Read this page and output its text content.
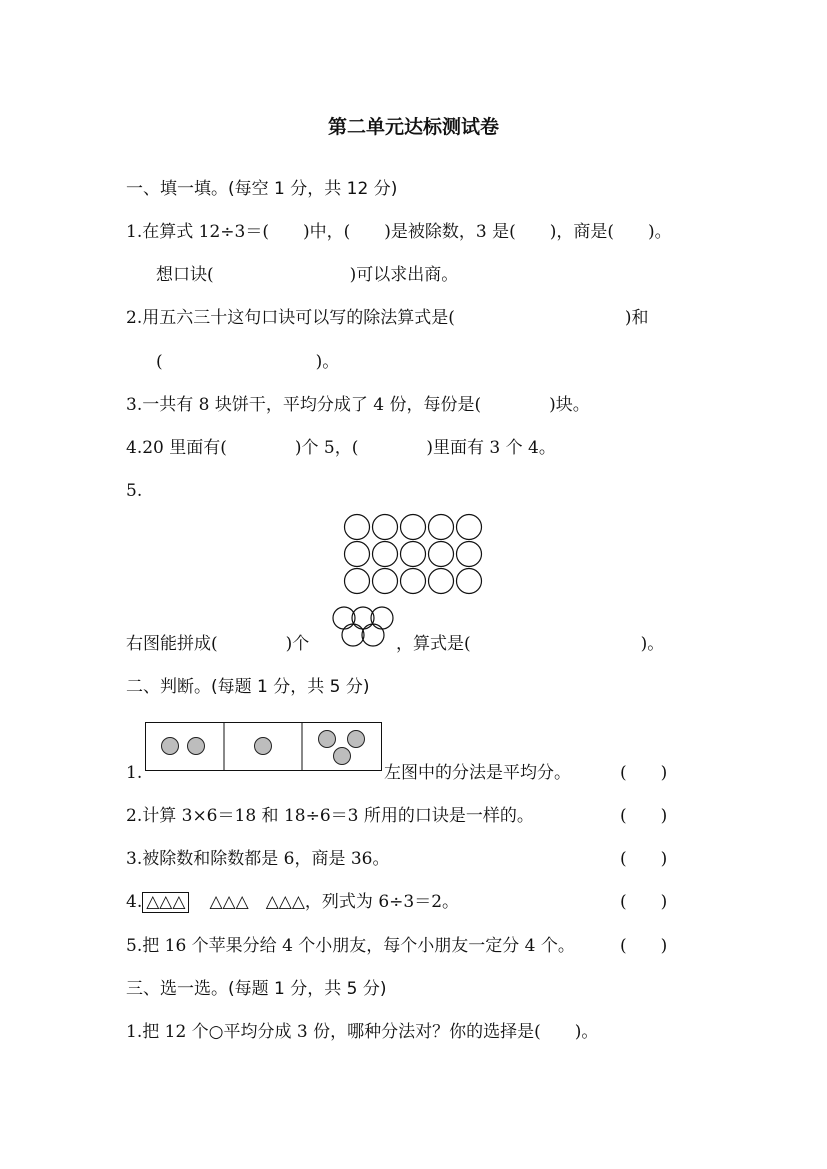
第二单元达标测试卷
一、填一填。(每空 1 分，共 12 分)
1.在算式 12÷3＝(　　)中，(　　)是被除数，3 是(　　)，商是(　　)。
想口诀(　　　　　　　　)可以求出商。
2.用五六三十这句口诀可以写的除法算式是(　　　　　　　　　　)和
(　　　　　　　　　)。
3.一共有 8 块饼干，平均分成了 4 份，每份是(　　　　)块。
4.20 里面有(　　　　)个 5，(　　　　)里面有 3 个 4。
5.
右图能拼成(　　　　)个	，算式是(　　　　　　　　　　)。
二、判断。(每题 1 分，共 5 分)
1.	左图中的分法是平均分。	(　　)
2.计算 3×6＝18 和 18÷6＝3 所用的口诀是一样的。	(　　)
3.被除数和除数都是 6，商是 36。	(　　)
4. △△△ △△△　△△△，列式为 6÷3＝2。	(　　)
5.把 16 个苹果分给 4 个小朋友，每个小朋友一定分 4 个。	(　　)
三、选一选。(每题 1 分，共 5 分)
1.把 12 个○平均分成 3 份，哪种分法对？你的选择是(　　)。
